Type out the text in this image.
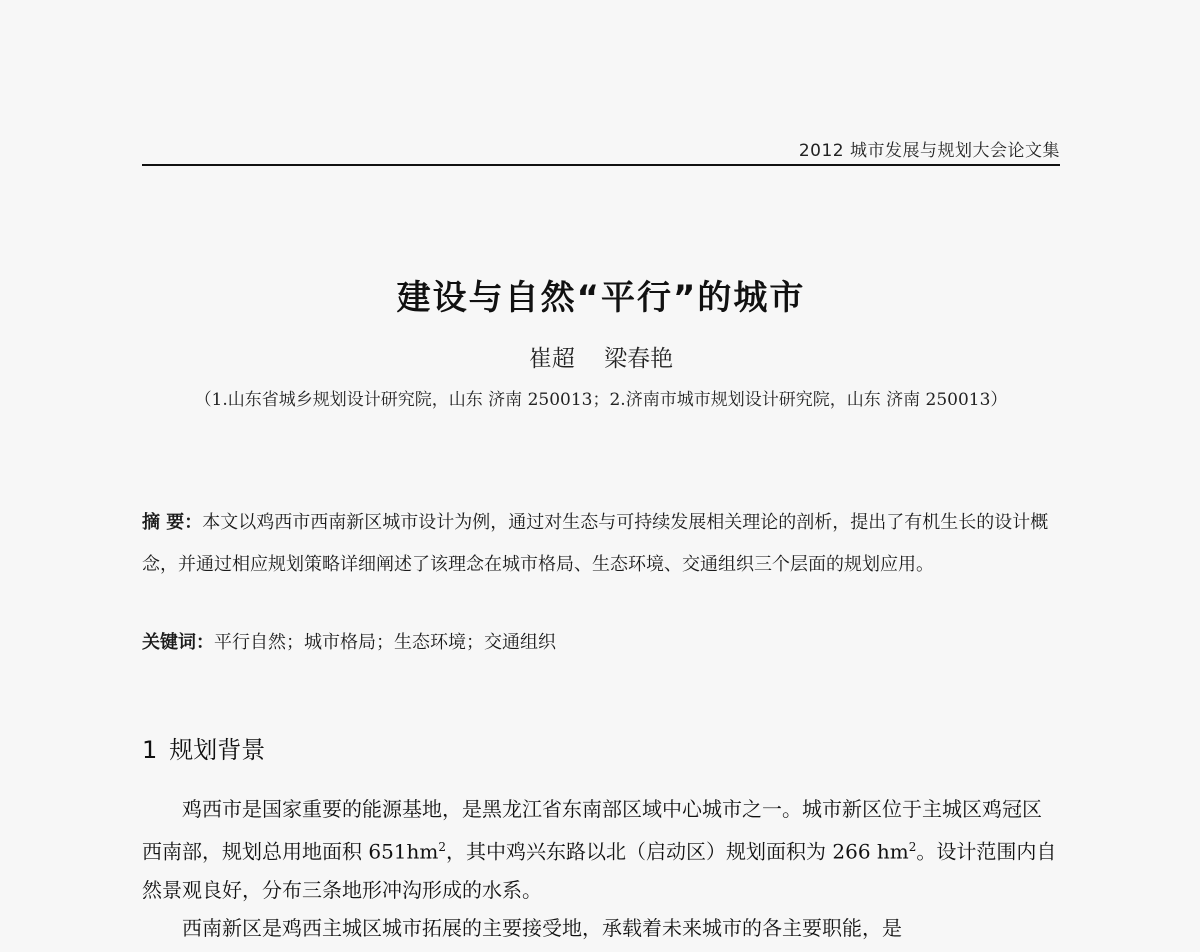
2012 城市发展与规划大会论文集
建设与自然“平行”的城市
崔超 梁春艳
（1.山东省城乡规划设计研究院，山东 济南 250013；2.济南市城市规划设计研究院，山东 济南 250013）
摘 要：本文以鸡西市西南新区城市设计为例，通过对生态与可持续发展相关理论的剖析，提出了有机生长的设计概念，并通过相应规划策略详细阐述了该理念在城市格局、生态环境、交通组织三个层面的规划应用。
关键词：平行自然；城市格局；生态环境；交通组织
1 规划背景

鸡西市是国家重要的能源基地，是黑龙江省东南部区域中心城市之一。城市新区位于主城区鸡冠区西南部，规划总用地面积 $651hm^2$，其中鸡兴东路以北（启动区）规划面积为 266 $hm^2$。设计范围内自然景观良好，分布三条地形冲沟形成的水系。

西南新区是鸡西主城区城市拓展的主要接受地，承载着未来城市的各主要职能，是
